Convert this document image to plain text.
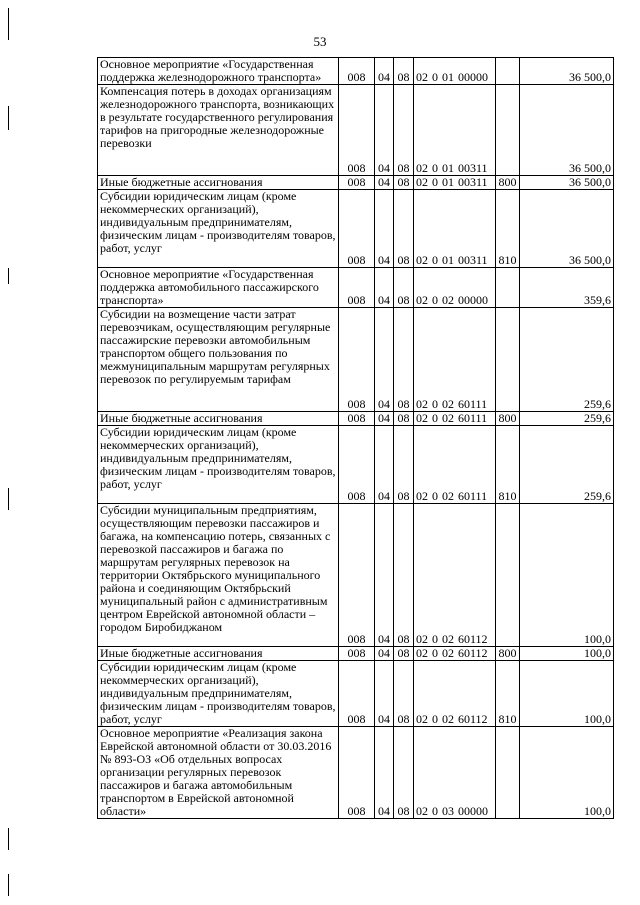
53
Основное мероприятие «Государственная поддержка железнодорожного транспорта»	008	04	08	02 0 01 00000		36 500,0
Компенсация потерь в доходах организациям железнодорожного транспорта, возникающих в результате государственного регулирования тарифов на пригородные железнодорожные перевозки	008	04	08	02 0 01 00311		36 500,0
Иные бюджетные ассигнования	008	04	08	02 0 01 00311	800	36 500,0
Субсидии юридическим лицам (кроме некоммерческих организаций), индивидуальным предпринимателям, физическим лицам - производителям товаров, работ, услуг	008	04	08	02 0 01 00311	810	36 500,0
Основное мероприятие «Государственная поддержка автомобильного пассажирского транспорта»	008	04	08	02 0 02 00000		359,6
Субсидии на возмещение части затрат перевозчикам, осуществляющим регулярные пассажирские перевозки автомобильным транспортом общего пользования по межмуниципальным маршрутам регулярных перевозок по регулируемым тарифам	008	04	08	02 0 02 60111		259,6
Иные бюджетные ассигнования	008	04	08	02 0 02 60111	800	259,6
Субсидии юридическим лицам (кроме некоммерческих организаций), индивидуальным предпринимателям, физическим лицам - производителям товаров, работ, услуг	008	04	08	02 0 02 60111	810	259,6
Субсидии муниципальным предприятиям, осуществляющим перевозки пассажиров и багажа, на компенсацию потерь, связанных с перевозкой пассажиров и багажа по маршрутам регулярных перевозок на территории Октябрьского муниципального района и соединяющим Октябрьский муниципальный район с административным центром Еврейской автономной области – городом Биробиджаном	008	04	08	02 0 02 60112		100,0
Иные бюджетные ассигнования	008	04	08	02 0 02 60112	800	100,0
Субсидии юридическим лицам (кроме некоммерческих организаций), индивидуальным предпринимателям, физическим лицам - производителям товаров, работ, услуг	008	04	08	02 0 02 60112	810	100,0
Основное мероприятие «Реализация закона Еврейской автономной области от 30.03.2016 № 893-ОЗ «Об отдельных вопросах организации регулярных перевозок пассажиров и багажа автомобильным транспортом в Еврейской автономной области»	008	04	08	02 0 03 00000		100,0
